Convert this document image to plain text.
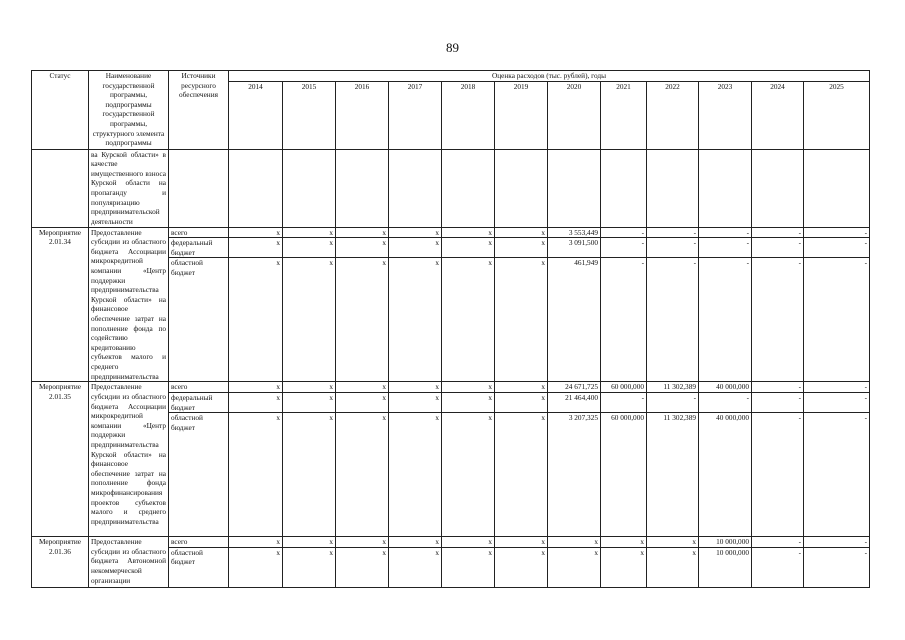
89
Статус	Наименование государственной программы, подпрограммы государственной программы, структурного элемента подпрограммы	Источники ресурсного обеспечения	Оценка расходов (тыс. рублей), годы											
			2014	2015	2016	2017	2018	2019	2020	2021	2022	2023	2024	2025
	ва Курской области» в качестве имущественного взноса Курской области на пропаганду и популяризацию предпринимательской деятельности													
Мероприятие 2.01.34	Предоставление субсидии из областного бюджета Ассоциации микрокредитной компании «Центр поддержки предпринимательства Курской области» на финансовое обеспечение затрат на пополнение фонда по содействию кредитованию субъектов малого и среднего предпринимательства	всего	х	х	х	х	х	х	3 553,449	-	-	-	-	-
		федеральный бюджет	х	х	х	х	х	х	3 091,500	-	-	-	-	-
		областной бюджет	х	х	х	х	х	х	461,949	-	-	-	-	-
Мероприятие 2.01.35	Предоставление субсидии из областного бюджета Ассоциации микрокредитной компании «Центр поддержки предпринимательства Курской области» на финансовое обеспечение затрат на пополнение фонда микрофинансирования проектов субъектов малого и среднего предпринимательства	всего	х	х	х	х	х	х	24 671,725	60 000,000	11 302,389	40 000,000	-	-
		федеральный бюджет	х	х	х	х	х	х	21 464,400	-	-	-	-	-
		областной бюджет	х	х	х	х	х	х	3 207,325	60 000,000	11 302,389	40 000,000	-	-
Мероприятие 2.01.36	Предоставление субсидии из областного бюджета Автономной некоммерческой организации	всего	х	х	х	х	х	х	х	х	х	10 000,000	-	-
		областной бюджет	х	х	х	х	х	х	х	х	х	10 000,000	-	-
